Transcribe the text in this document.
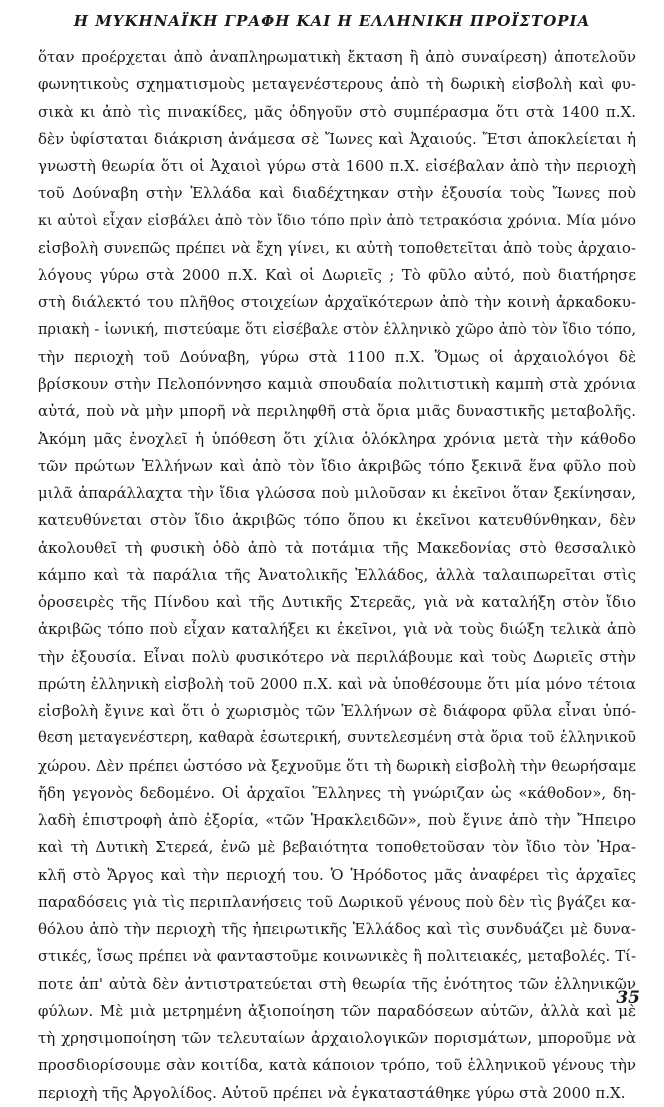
Η ΜΥΚΗΝΑΪΚΗ ΓΡΑΦΗ ΚΑΙ Η ΕΛΛΗΝΙΚΗ ΠΡΟΪΣΤΟΡΙΑ
ὅταν προέρχεται ἀπὸ ἀναπληρωματικὴ ἔκταση ἢ ἀπὸ συναίρεση) ἀποτελοῦν
φωνητικοὺς σχηματισμοὺς μεταγενέστερους ἀπὸ τὴ δωρικὴ εἰσβολὴ καὶ φυ-
σικὰ κι ἀπὸ τὶς πινακίδες, μᾶς ὁδηγοῦν στὸ συμπέρασμα ὅτι στὰ 1400 π.Χ.
δὲν ὑφίσταται διάκριση ἀνάμεσα σὲ Ἴωνες καὶ Ἀχαιούς. Ἔτσι ἀποκλείεται ἡ
γνωστὴ θεωρία ὅτι οἱ Ἀχαιοὶ γύρω στὰ 1600 π.Χ. εἰσέβαλαν ἀπὸ τὴν περιοχὴ
τοῦ Δούναβη στὴν Ἑλλάδα καὶ διαδέχτηκαν στὴν ἐξουσία τοὺς Ἴωνες ποὺ
κι αὐτοὶ εἶχαν εἰσβάλει ἀπὸ τὸν ἴδιο τόπο πρὶν ἀπὸ τετρακόσια χρόνια. Μία μόνο
εἰσβολὴ συνεπῶς πρέπει νὰ ἔχη γίνει, κι αὐτὴ τοποθετεῖται ἀπὸ τοὺς ἀρχαιο-
λόγους γύρω στὰ 2000 π.Χ. Καὶ οἱ Δωριεῖς ; Τὸ φῦλο αὐτό, ποὺ διατήρησε
στὴ διάλεκτό του πλῆθος στοιχείων ἀρχαϊκότερων ἀπὸ τὴν κοινὴ ἀρκαδοκυ-
πριακὴ - ἰωνική, πιστεύαμε ὅτι εἰσέβαλε στὸν ἑλληνικὸ χῶρο ἀπὸ τὸν ἴδιο τόπο,
τὴν περιοχὴ τοῦ Δούναβη, γύρω στὰ 1100 π.Χ. Ὅμως οἱ ἀρχαιολόγοι δὲ
βρίσκουν στὴν Πελοπόννησο καμιὰ σπουδαία πολιτιστικὴ καμπὴ στὰ χρόνια
αὐτά, ποὺ νὰ μὴν μπορῆ νὰ περιληφθῆ στὰ ὅρια μιᾶς δυναστικῆς μεταβολῆς.
Ἀκόμη μᾶς ἐνοχλεῖ ἡ ὑπόθεση ὅτι χίλια ὁλόκληρα χρόνια μετὰ τὴν κάθοδο
τῶν πρώτων Ἑλλήνων καὶ ἀπὸ τὸν ἴδιο ἀκριβῶς τόπο ξεκινᾶ ἕνα φῦλο ποὺ
μιλᾶ ἀπαράλλαχτα τὴν ἴδια γλώσσα ποὺ μιλοῦσαν κι ἐκεῖνοι ὅταν ξεκίνησαν,
κατευθύνεται στὸν ἴδιο ἀκριβῶς τόπο ὅπου κι ἐκεῖνοι κατευθύνθηκαν, δὲν
ἀκολουθεῖ τὴ φυσικὴ ὁδὸ ἀπὸ τὰ ποτάμια τῆς Μακεδονίας στὸ θεσσαλικὸ
κάμπο καὶ τὰ παράλια τῆς Ἀνατολικῆς Ἑλλάδος, ἀλλὰ ταλαιπωρεῖται στὶς
ὀροσειρὲς τῆς Πίνδου καὶ τῆς Δυτικῆς Στερεᾶς, γιὰ νὰ καταλήξη στὸν ἴδιο
ἀκριβῶς τόπο ποὺ εἶχαν καταλήξει κι ἐκεῖνοι, γιὰ νὰ τοὺς διώξη τελικὰ ἀπὸ
τὴν ἐξουσία. Εἶναι πολὺ φυσικότερο νὰ περιλάβουμε καὶ τοὺς Δωριεῖς στὴν
πρώτη ἑλληνικὴ εἰσβολὴ τοῦ 2000 π.Χ. καὶ νὰ ὑποθέσουμε ὅτι μία μόνο τέτοια
εἰσβολὴ ἔγινε καὶ ὅτι ὁ χωρισμὸς τῶν Ἑλλήνων σὲ διάφορα φῦλα εἶναι ὑπό-
θεση μεταγενέστερη, καθαρὰ ἐσωτερική, συντελεσμένη στὰ ὅρια τοῦ ἑλληνικοῦ
χώρου. Δὲν πρέπει ὡστόσο νὰ ξεχνοῦμε ὅτι τὴ δωρικὴ εἰσβολὴ τὴν θεωρήσαμε
ἤδη γεγονὸς δεδομένο. Οἱ ἀρχαῖοι Ἕλληνες τὴ γνώριζαν ὡς «κάθοδον», δη-
λαδὴ ἐπιστροφὴ ἀπὸ ἐξορία, «τῶν Ἡρακλειδῶν», ποὺ ἔγινε ἀπὸ τὴν Ἤπειρο
καὶ τὴ Δυτικὴ Στερεά, ἐνῶ μὲ βεβαιότητα τοποθετοῦσαν τὸν ἴδιο τὸν Ἡρα-
κλῆ στὸ Ἄργος καὶ τὴν περιοχή του. Ὁ Ἡρόδοτος μᾶς ἀναφέρει τὶς ἀρχαῖες
παραδόσεις γιὰ τὶς περιπλανήσεις τοῦ Δωρικοῦ γένους ποὺ δὲν τὶς βγάζει κα-
θόλου ἀπὸ τὴν περιοχὴ τῆς ἠπειρωτικῆς Ἑλλάδος καὶ τὶς συνδυάζει μὲ δυνα-
στικές, ἴσως πρέπει νὰ φανταστοῦμε κοινωνικὲς ἢ πολιτειακές, μεταβολές. Τί-
ποτε ἀπ' αὐτὰ δὲν ἀντιστρατεύεται στὴ θεωρία τῆς ἑνότητος τῶν ἑλληνικῶν
φύλων. Μὲ μιὰ μετρημένη ἀξιοποίηση τῶν παραδόσεων αὐτῶν, ἀλλὰ καὶ μὲ
τὴ χρησιμοποίηση τῶν τελευταίων ἀρχαιολογικῶν πορισμάτων, μποροῦμε νὰ
προσδιορίσουμε σὰν κοιτίδα, κατὰ κάποιον τρόπο, τοῦ ἑλληνικοῦ γένους τὴν
περιοχὴ τῆς Ἀργολίδος. Αὐτοῦ πρέπει νὰ ἐγκαταστάθηκε γύρω στὰ 2000 π.Χ.
35
